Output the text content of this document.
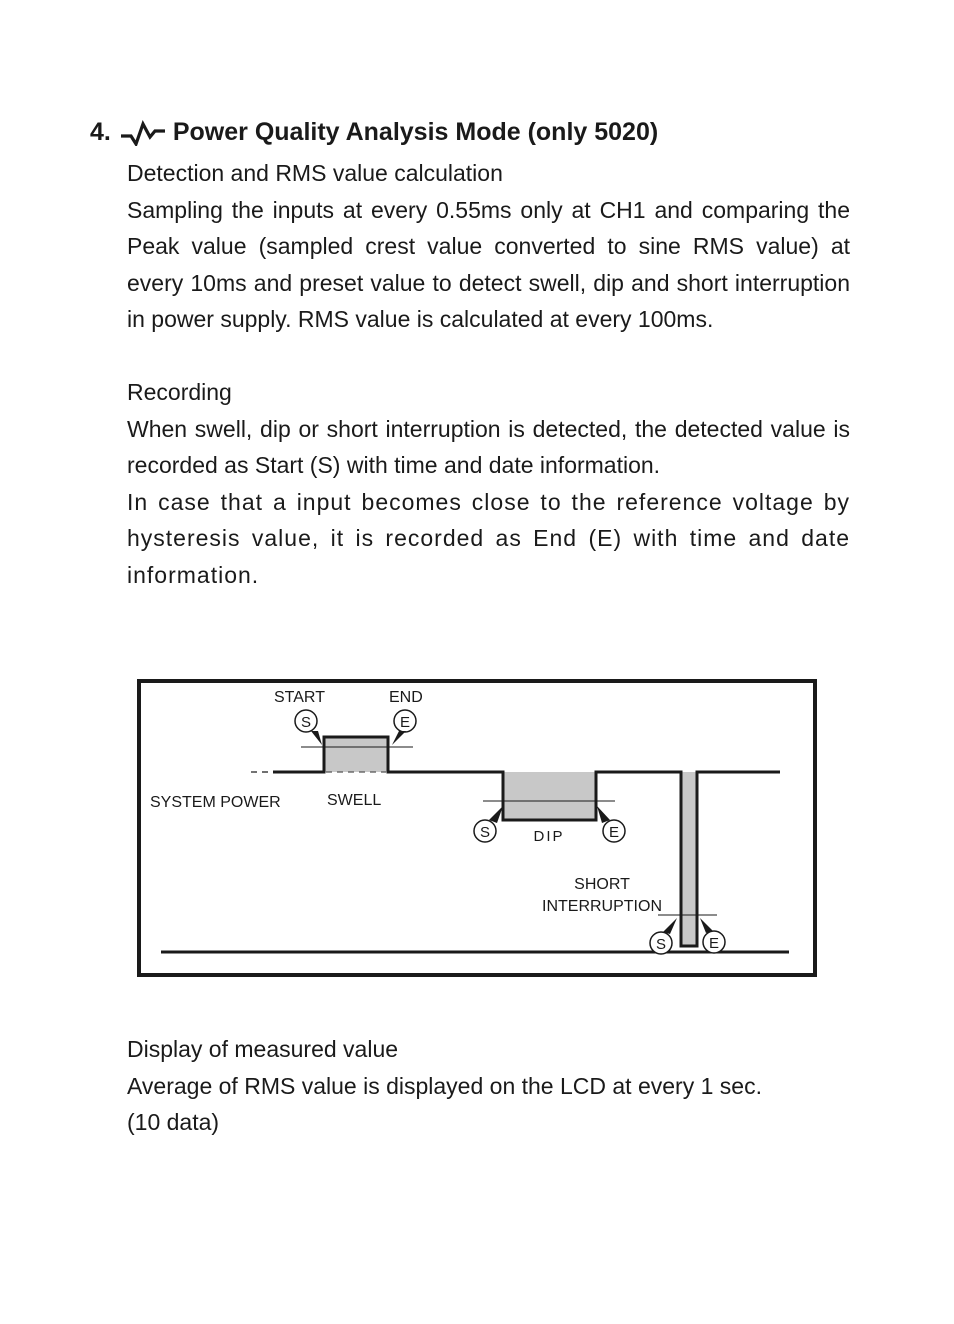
4. Power Quality Analysis Mode (only 5020)

Detection and RMS value calculation

Sampling the inputs at every 0.55ms only at CH1 and comparing the Peak value (sampled crest value converted to sine RMS value) at every 10ms and preset value to detect swell, dip and short interruption in power supply. RMS value is calculated at every 100ms.

Recording

When swell, dip or short interruption is detected, the detected value is recorded as Start (S) with time and date information.

In case that a input becomes close to the reference voltage by hysteresis value, it is recorded as End (E) with time and date information.

START	END
S	E
SYSTEM POWER	SWELL
DIP
S	E
SHORT
INTERRUPTION
S	E

Display of measured value

Average of RMS value is displayed on the LCD at every 1 sec.

(10 data)
